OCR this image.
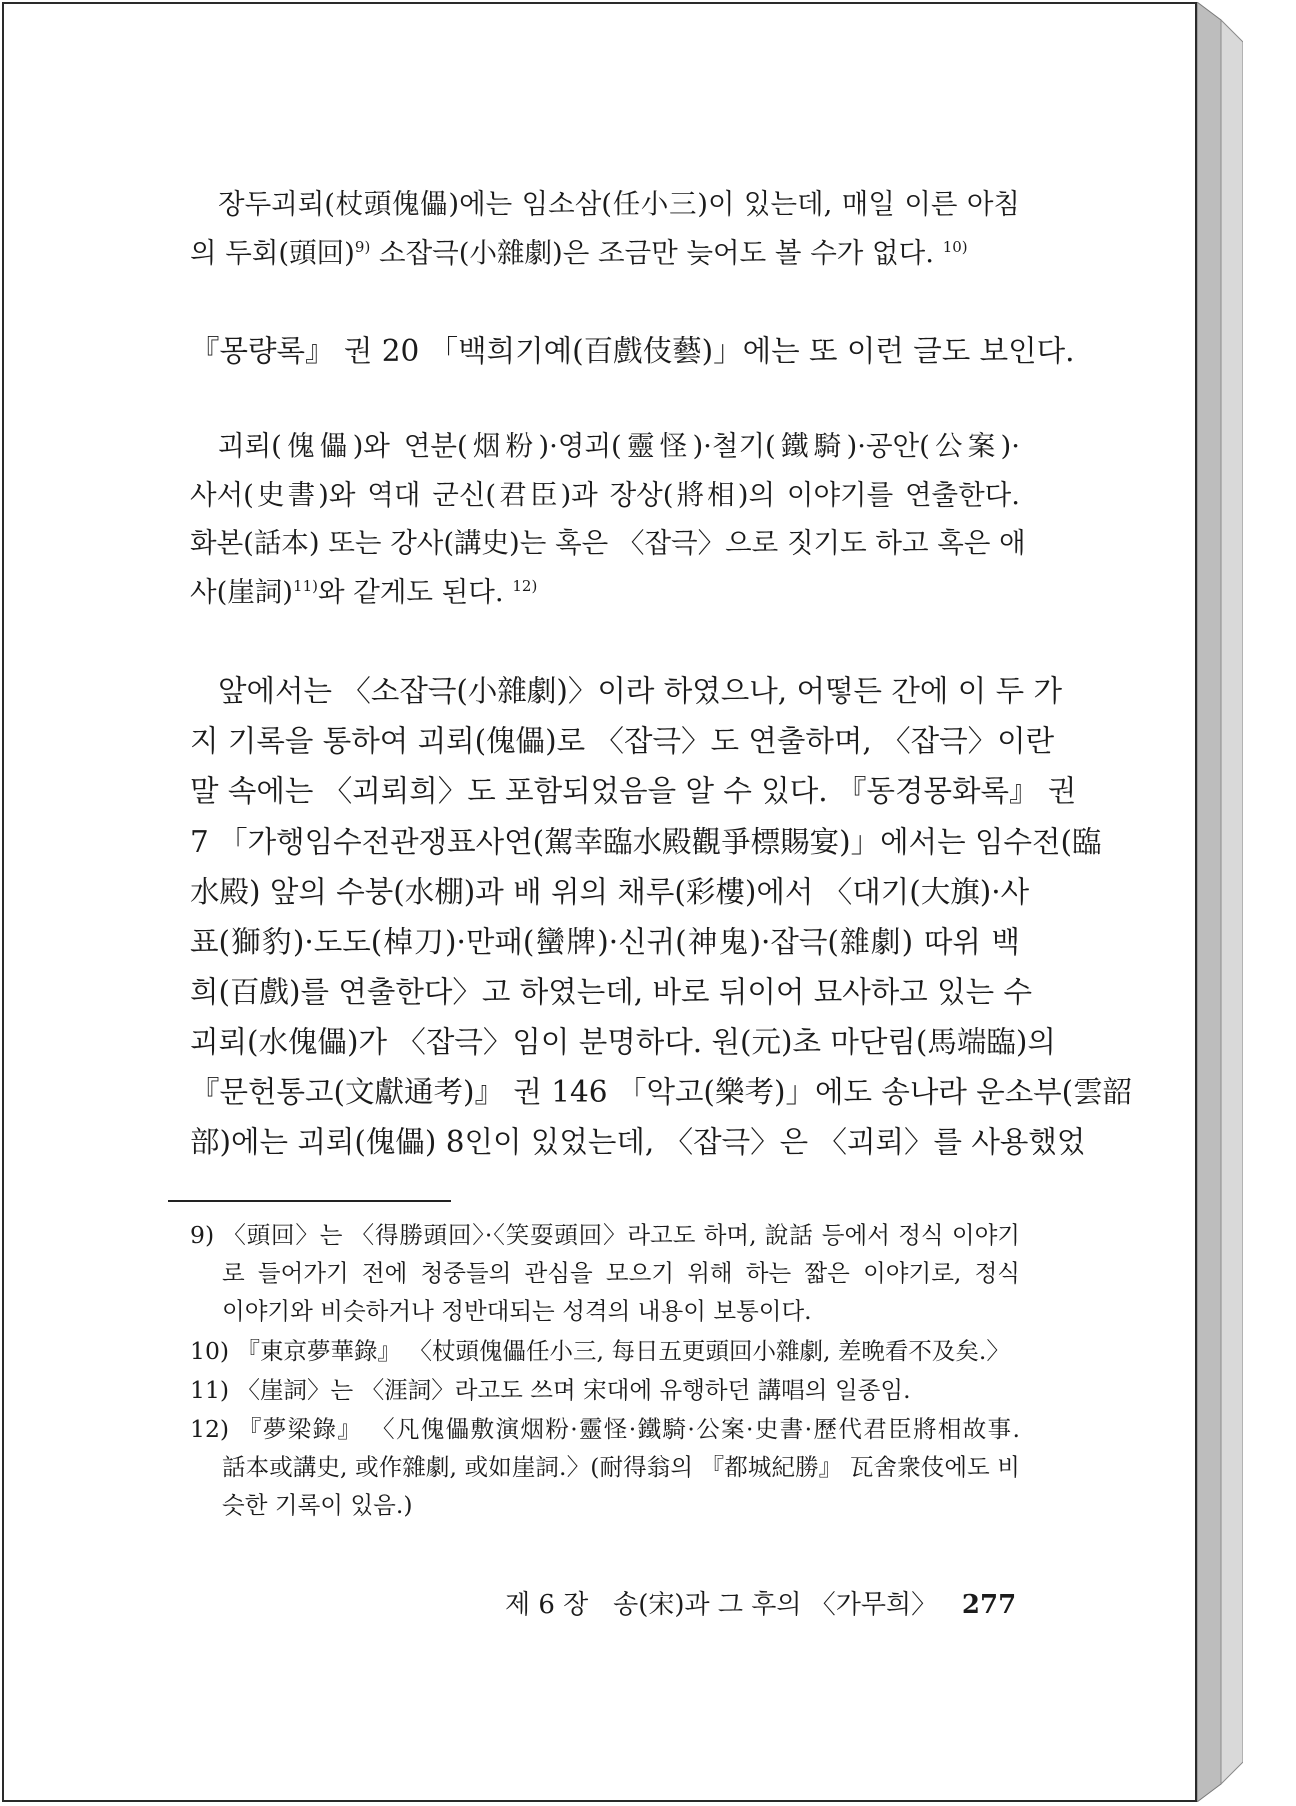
장두괴뢰(杖頭傀儡)에는 임소삼(任小三)이 있는데, 매일 이른 아침
의 두회(頭回)$^{9)}$ 소잡극(小雜劇)은 조금만 늦어도 볼 수가 없다. $^{10)}$
『몽량록』 권 20 「백희기예(百戲伎藝)」에는 또 이런 글도 보인다.
괴뢰(傀儡)와 연분(烟粉)·영괴(靈怪)·철기(鐵騎)·공안(公案)·
사서(史書)와 역대 군신(君臣)과 장상(將相)의 이야기를 연출한다.
화본(話本) 또는 강사(講史)는 혹은 〈잡극〉으로 짓기도 하고 혹은 애
사(崖詞)$^{11)}$와 같게도 된다. $^{12)}$
앞에서는 〈소잡극(小雜劇)〉이라 하였으나, 어떻든 간에 이 두 가
지 기록을 통하여 괴뢰(傀儡)로 〈잡극〉도 연출하며, 〈잡극〉이란
말 속에는 〈괴뢰희〉도 포함되었음을 알 수 있다. 『동경몽화록』 권
7 「가행임수전관쟁표사연(駕幸臨水殿觀爭標賜宴)」에서는 임수전(臨
水殿) 앞의 수붕(水棚)과 배 위의 채루(彩樓)에서 〈대기(大旗)·사
표(獅豹)·도도(棹刀)·만패(蠻牌)·신귀(神鬼)·잡극(雜劇) 따위 백
희(百戲)를 연출한다〉고 하였는데, 바로 뒤이어 묘사하고 있는 수
괴뢰(水傀儡)가 〈잡극〉임이 분명하다. 원(元)초 마단림(馬端臨)의
『문헌통고(文獻通考)』 권 146 「악고(樂考)」에도 송나라 운소부(雲韶
部)에는 괴뢰(傀儡) 8인이 있었는데, 〈잡극〉은 〈괴뢰〉를 사용했었
9) 〈頭回〉는 〈得勝頭回〉·〈笑耍頭回〉라고도 하며, 說話 등에서 정식 이야기
로 들어가기 전에 청중들의 관심을 모으기 위해 하는 짧은 이야기로, 정식
이야기와 비슷하거나 정반대되는 성격의 내용이 보통이다.
10) 『東京夢華錄』 〈杖頭傀儡任小三, 每日五更頭回小雜劇, 差晩看不及矣.〉
11) 〈崖詞〉는 〈涯詞〉라고도 쓰며 宋대에 유행하던 講唱의 일종임.
12) 『夢梁錄』 〈凡傀儡敷演烟粉·靈怪·鐵騎·公案·史書·歷代君臣將相故事.
話本或講史, 或作雜劇, 或如崖詞.〉(耐得翁의 『都城紀勝』 瓦舍衆伎에도 비
슷한 기록이 있음.)
제 6 장 송(宋)과 그 후의 〈가무희〉 277
